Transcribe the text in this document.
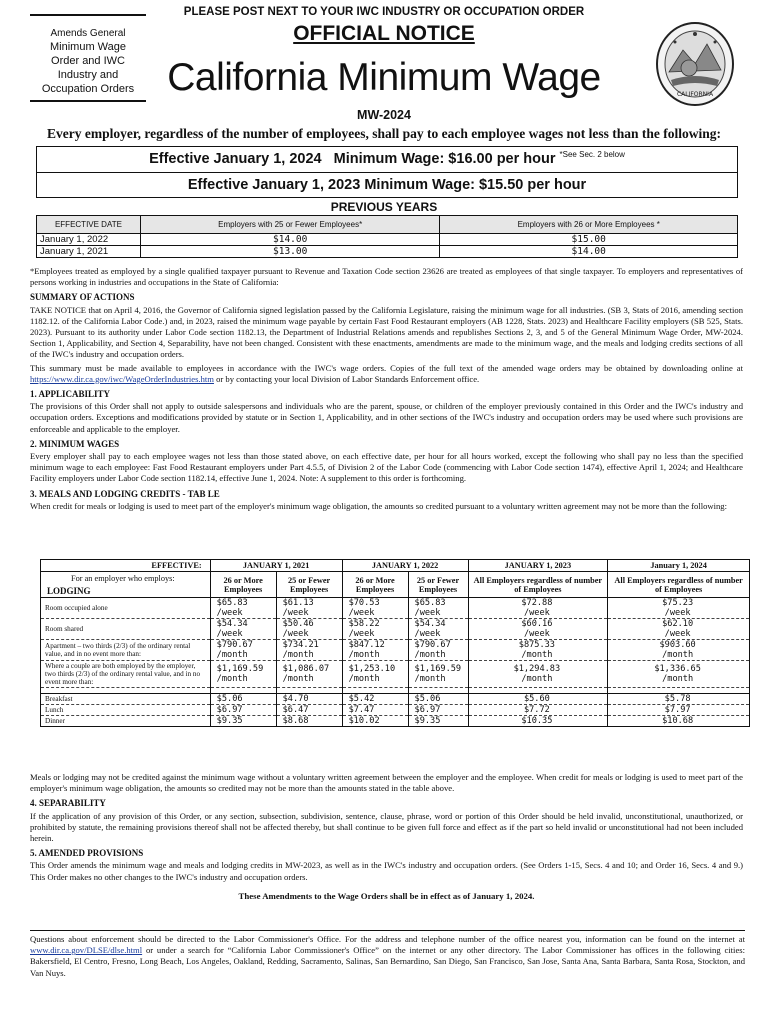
Amends General
Minimum Wage
Order and IWC
Industry and
Occupation Orders
PLEASE POST NEXT TO YOUR IWC INDUSTRY OR OCCUPATION ORDER
OFFICIAL NOTICE
California Minimum Wage
MW-2024
CALIFORNIA
Every employer, regardless of the number of employees, shall pay to each employee wages not less than the following:
Effective January 1, 2024   Minimum Wage: $16.00 per hour $^{*See Sec. 2 below}$
Effective January 1, 2023 Minimum Wage: $15.50 per hour
PREVIOUS YEARS
EFFECTIVE DATE	Employers with 25 or Fewer Employees*	Employers with 26 or More Employees *
January 1, 2022	$14.00	$15.00
January 1, 2021	$13.00	$14.00

*Employees treated as employed by a single qualified taxpayer pursuant to Revenue and Taxation Code section 23626 are treated as employees of that single taxpayer. To employers and representatives of persons working in industries and occupations in the State of California:

SUMMARY OF ACTIONS

TAKE NOTICE that on April 4, 2016, the Governor of California signed legislation passed by the California Legislature, raising the minimum wage for all industries. (SB 3, Stats of 2016, amending section 1182.12. of the California Labor Code.) and, in 2023, raised the minimum wage payable by certain Fast Food Restaurant employers (AB 1228, Stats. 2023) and Healthcare Facility employers (SB 525, Stats. 2023). Pursuant to its authority under Labor Code section 1182.13, the Department of Industrial Relations amends and republishes Sections 2, 3, and 5 of the General Minimum Wage Order, MW-2024. Section 1, Applicability, and Section 4, Separability, have not been changed. Consistent with these enactments, amendments are made to the minimum wage, and the meals and lodging credits sections of all of the IWC's industry and occupation orders.

This summary must be made available to employees in accordance with the IWC's wage orders. Copies of the full text of the amended wage orders may be obtained by downloading online at https://www.dir.ca.gov/iwc/WageOrderIndustries.htm or by contacting your local Division of Labor Standards Enforcement office.

1. APPLICABILITY

The provisions of this Order shall not apply to outside salespersons and individuals who are the parent, spouse, or children of the employer previously contained in this Order and the IWC's industry and occupation orders. Exceptions and modifications provided by statute or in Section 1, Applicability, and in other sections of the IWC's industry and occupation orders may be used where such provisions are enforceable and applicable to the employer.

2. MINIMUM WAGES

Every employer shall pay to each employee wages not less than those stated above, on each effective date, per hour for all hours worked, except the following who shall pay no less than the specified minimum wage to each employee: Fast Food Restaurant employers under Part 4.5.5, of Division 2 of the Labor Code (commencing with Labor Code section 1474), effective April 1, 2024; and Healthcare Facility employers under Labor Code section 1182.14, effective June 1, 2024. Note: A supplement to this order is forthcoming.

3. MEALS AND LODGING CREDITS - TAB LE

When credit for meals or lodging is used to meet part of the employer's minimum wage obligation, the amounts so credited pursuant to a voluntary written agreement may not be more than the following:

EFFECTIVE:	JANUARY 1, 2021		JANUARY 1, 2022		JANUARY 1, 2023	January 1, 2024

For an employer who employs:
LODGING	26 or More Employees	25 or Fewer Employees	26 or More Employees	25 or Fewer Employees	All Employers regardless of number of Employees	All Employers regardless of number of Employees
Room occupied alone	$65.83
/week	$61.13
/week	$70.53
/week	$65.83
/week	$72.88
/week	$75.23
/week
Room shared	$54.34
/week	$50.46
/week	$58.22
/week	$54.34
/week	$60.16
/week	$62.10
/week
Apartment – two thirds (2/3) of the ordinary rental value, and in no event more than:	$790.67
/month	$734.21
/month	$847.12
/month	$790.67
/month	$875.33
/month	$903.60
/month
Where a couple are both employed by the employer, two thirds (2/3) of the ordinary rental value, and in no event more than:	$1,169.59
/month	$1,086.07
/month	$1,253.10
/month	$1,169.59
/month	$1,294.83
/month	$1,336.65
/month

Breakfast	$5.06	$4.70	$5.42	$5.06	$5.60	$5.78
Lunch	$6.97	$6.47	$7.47	$6.97	$7.72	$7.97
Dinner	$9.35	$8.68	$10.02	$9.35	$10.35	$10.68

Meals or lodging may not be credited against the minimum wage without a voluntary written agreement between the employer and the employee. When credit for meals or lodging is used to meet part of the employer's minimum wage obligation, the amounts so credited may not be more than the amounts stated in the table above.

4. SEPARABILITY

If the application of any provision of this Order, or any section, subsection, subdivision, sentence, clause, phrase, word or portion of this Order should be held invalid, unconstitutional, unauthorized, or prohibited by statute, the remaining provisions thereof shall not be affected thereby, but shall continue to be given full force and effect as if the part so held invalid or unconstitutional had not been included herein.

5. AMENDED PROVISIONS

This Order amends the minimum wage and meals and lodging credits in MW-2023, as well as in the IWC's industry and occupation orders. (See Orders 1-15, Secs. 4 and 10; and Order 16, Secs. 4 and 9.) This Order makes no other changes to the IWC's industry and occupation orders.

These Amendments to the Wage Orders shall be in effect as of January 1, 2024.
Questions about enforcement should be directed to the Labor Commissioner's Office. For the address and telephone number of the office nearest you, information can be found on the internet at www.dir.ca.gov/DLSE/dlse.html or under a search for “California Labor Commissioner's Office” on the internet or any other directory. The Labor Commissioner has offices in the following cities: Bakersfield, El Centro, Fresno, Long Beach, Los Angeles, Oakland, Redding, Sacramento, Salinas, San Bernardino, San Diego, San Francisco, San Jose, Santa Ana, Santa Barbara, Santa Rosa, Stockton, and Van Nuys.
